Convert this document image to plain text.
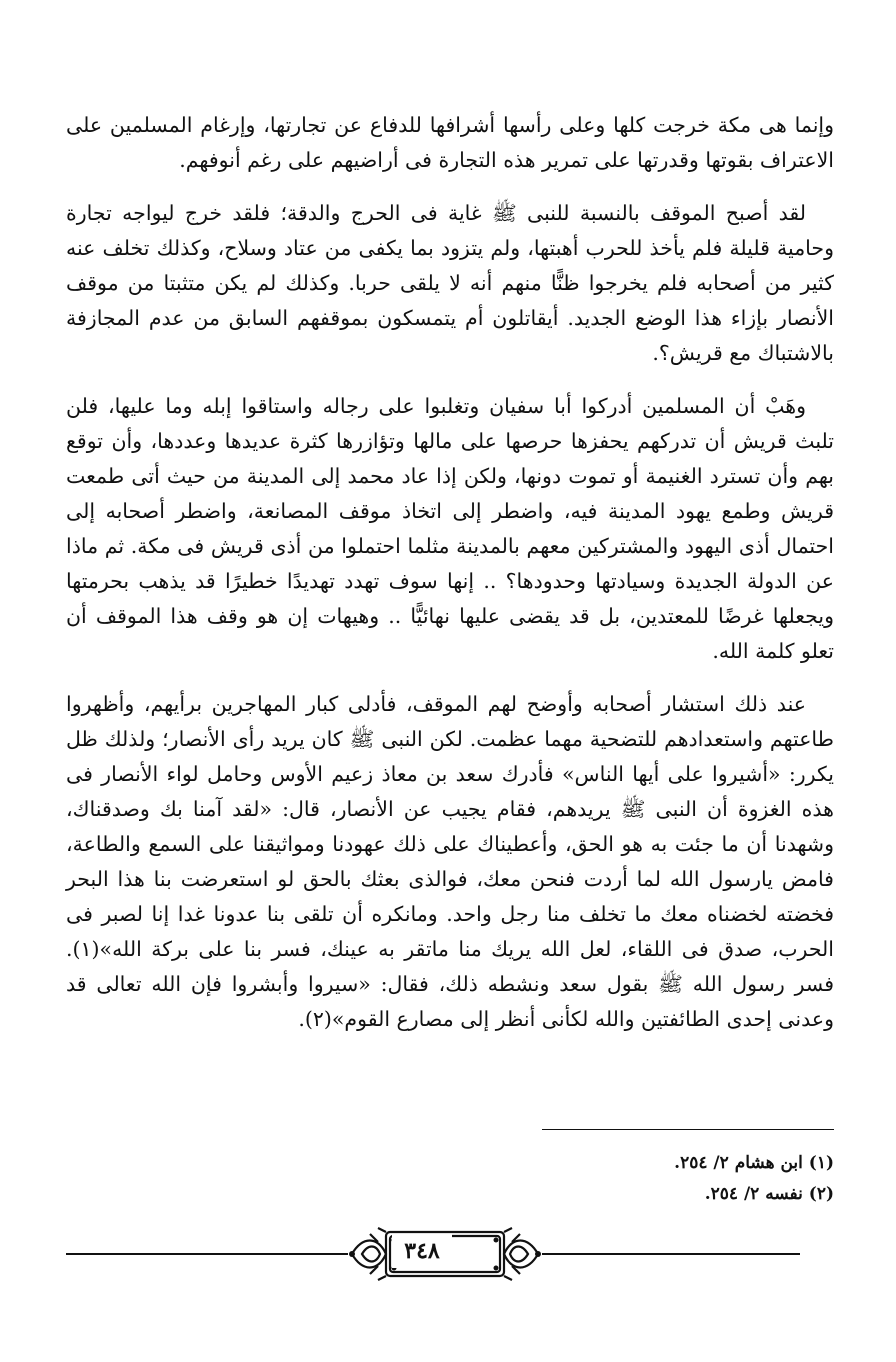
وإنما هى مكة خرجت كلها وعلى رأسها أشرافها للدفاع عن تجارتها، وإرغام المسلمين على الاعتراف بقوتها وقدرتها على تمرير هذه التجارة فى أراضيهم على رغم أنوفهم.

لقد أصبح الموقف بالنسبة للنبى ﷺ غاية فى الحرج والدقة؛ فلقد خرج ليواجه تجارة وحامية قليلة فلم يأخذ للحرب أهبتها، ولم يتزود بما يكفى من عتاد وسلاح، وكذلك تخلف عنه كثير من أصحابه فلم يخرجوا ظنًّا منهم أنه لا يلقى حربا. وكذلك لم يكن متثبتا من موقف الأنصار بإزاء هذا الوضع الجديد. أيقاتلون أم يتمسكون بموقفهم السابق من عدم المجازفة بالاشتباك مع قريش؟.

وهَبْ أن المسلمين أدركوا أبا سفيان وتغلبوا على رجاله واستاقوا إبله وما عليها، فلن تلبث قريش أن تدركهم يحفزها حرصها على مالها وتؤازرها كثرة عديدها وعددها، وأن توقع بهم وأن تسترد الغنيمة أو تموت دونها، ولكن إذا عاد محمد إلى المدينة من حيث أتى طمعت قريش وطمع يهود المدينة فيه، واضطر إلى اتخاذ موقف المصانعة، واضطر أصحابه إلى احتمال أذى اليهود والمشتركين معهم بالمدينة مثلما احتملوا من أذى قريش فى مكة. ثم ماذا عن الدولة الجديدة وسيادتها وحدودها؟ .. إنها سوف تهدد تهديدًا خطيرًا قد يذهب بحرمتها ويجعلها غرضًا للمعتدين، بل قد يقضى عليها نهائيًّا .. وهيهات إن هو وقف هذا الموقف أن تعلو كلمة الله.

عند ذلك استشار أصحابه وأوضح لهم الموقف، فأدلى كبار المهاجرين برأيهم، وأظهروا طاعتهم واستعدادهم للتضحية مهما عظمت. لكن النبى ﷺ كان يريد رأى الأنصار؛ ولذلك ظل يكرر: «أشيروا على أيها الناس» فأدرك سعد بن معاذ زعيم الأوس وحامل لواء الأنصار فى هذه الغزوة أن النبى ﷺ يريدهم، فقام يجيب عن الأنصار، قال: «لقد آمنا بك وصدقناك، وشهدنا أن ما جئت به هو الحق، وأعطيناك على ذلك عهودنا ومواثيقنا على السمع والطاعة، فامض يارسول الله لما أردت فنحن معك، فوالذى بعثك بالحق لو استعرضت بنا هذا البحر فخضته لخضناه معك ما تخلف منا رجل واحد. ومانكره أن تلقى بنا عدونا غدا إنا لصبر فى الحرب، صدق فى اللقاء، لعل الله يريك منا ماتقر به عينك، فسر بنا على بركة الله»(١). فسر رسول الله ﷺ بقول سعد ونشطه ذلك، فقال: «سيروا وأبشروا فإن الله تعالى قد وعدنى إحدى الطائفتين والله لكأنى أنظر إلى مصارع القوم»(٢).

(١) ابن هشام ٢/ ٢٥٤.

(٢) نفسه ٢/ ٢٥٤.

٣٤٨
